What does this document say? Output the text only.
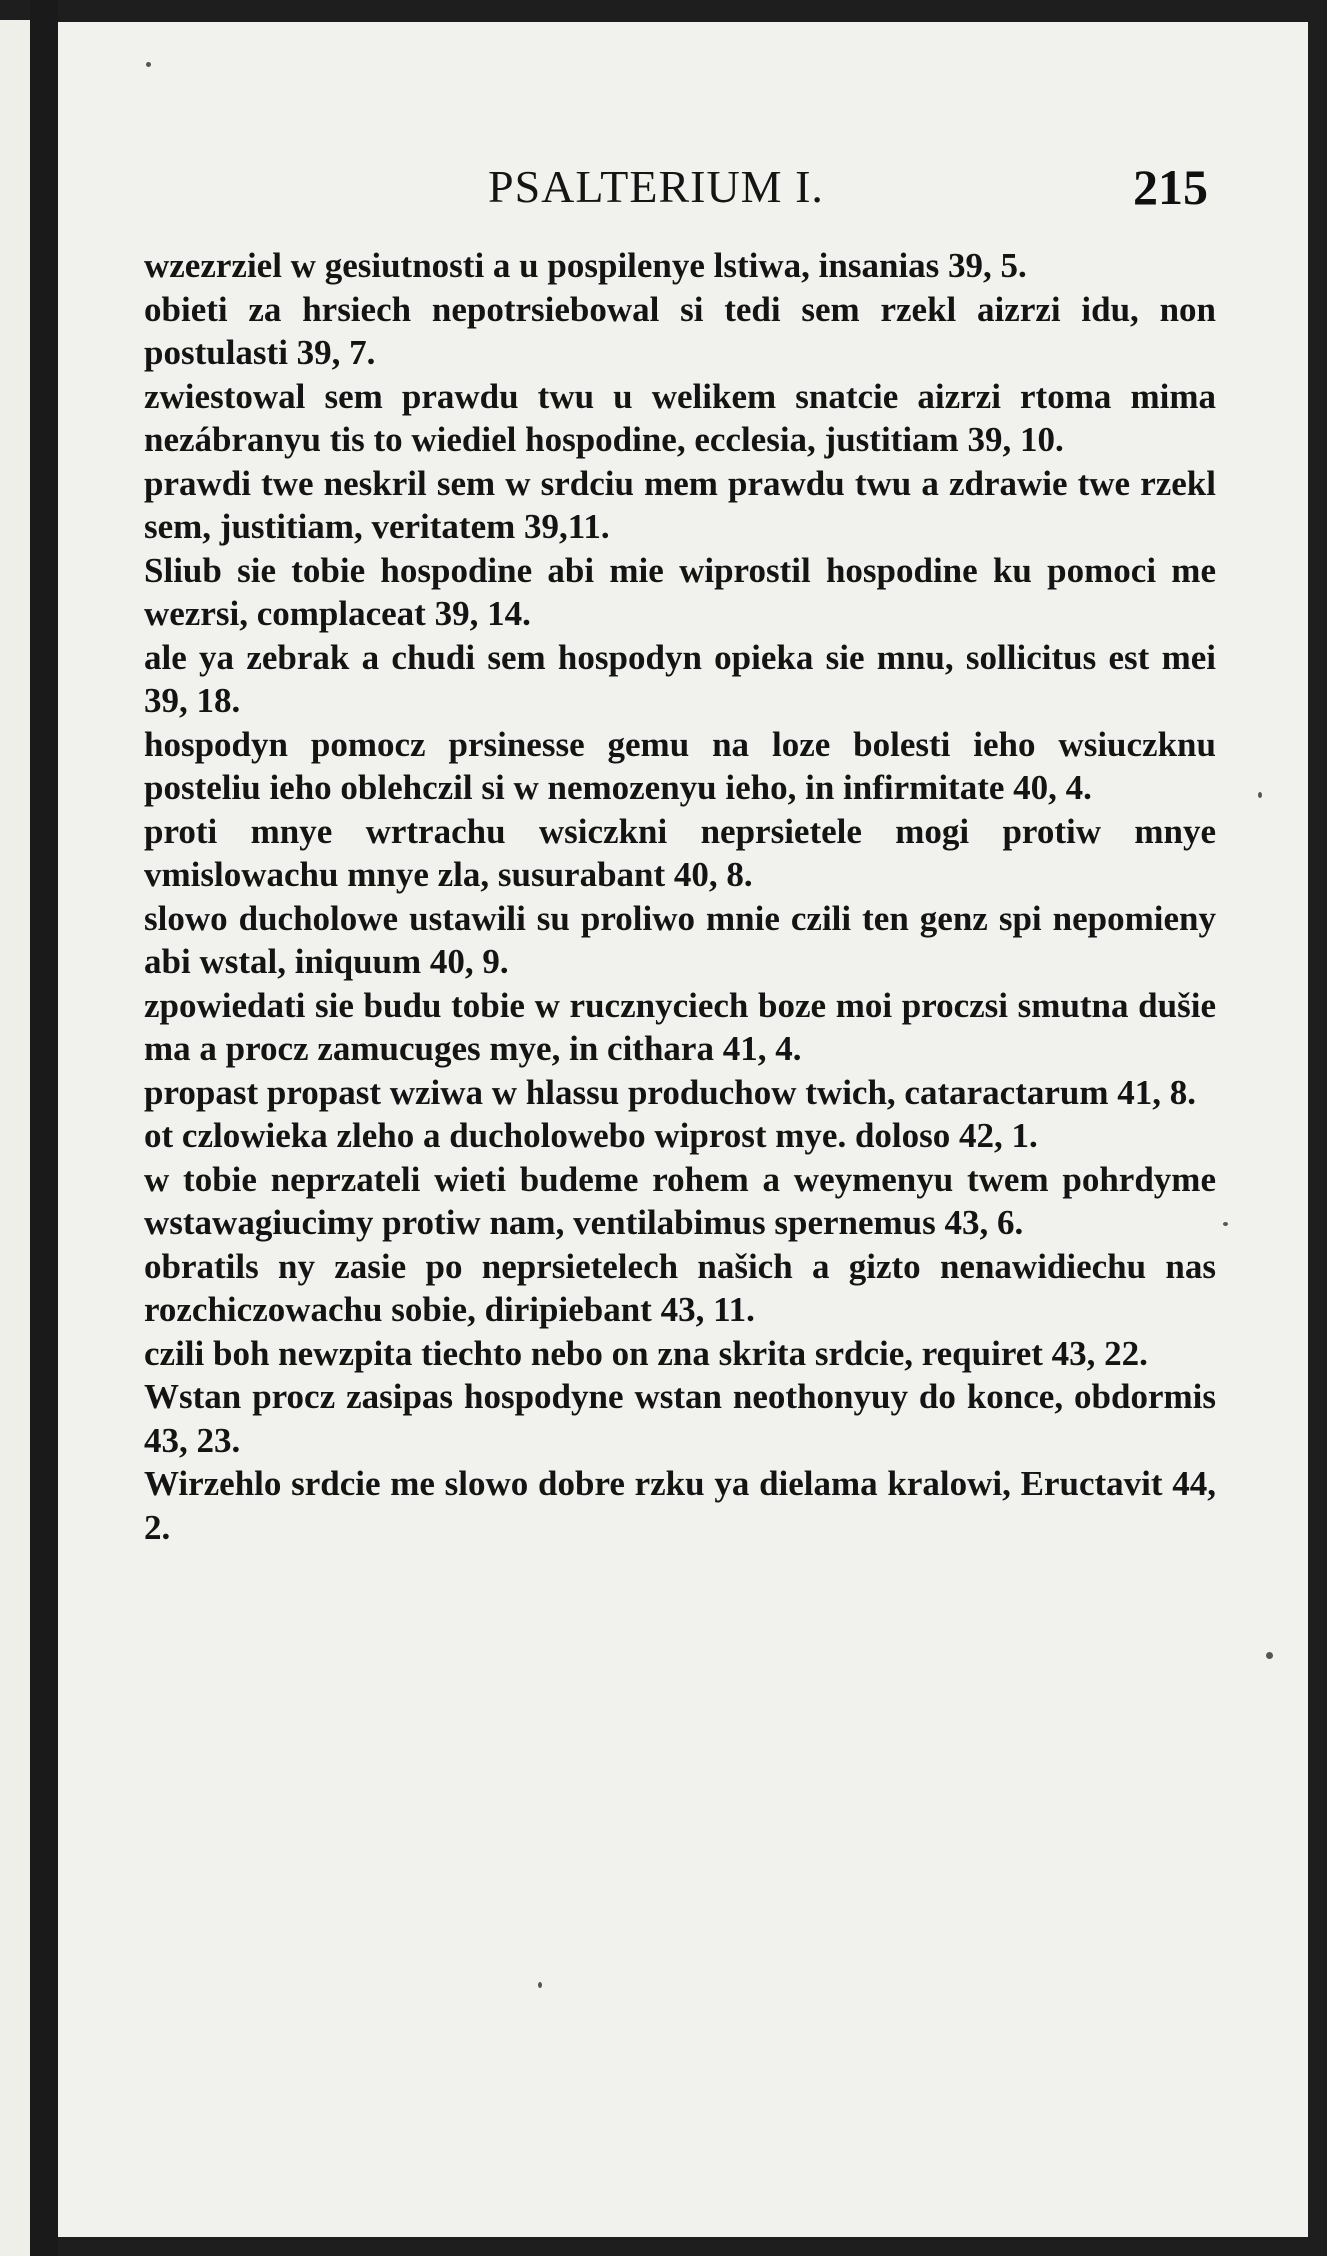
PSALTERIUM I.	215

wzezrziel w gesiutnosti a u pospilenye lstiwa, insanias 39, 5.

obieti za hrsiech nepotrsiebowal si tedi sem rzekl aizrzi idu, non postulasti 39, 7.

zwiestowal sem prawdu twu u welikem snatcie aizrzi rtoma mima nezábranyu tis to wiediel hospodine, ecclesia, justitiam 39, 10.

prawdi twe neskril sem w srdciu mem prawdu twu a zdrawie twe rzekl sem, justitiam, veritatem 39,11.

Sliub sie tobie hospodine abi mie wiprostil hospodine ku pomoci me wezrsi, complaceat 39, 14.

ale ya zebrak a chudi sem hospodyn opieka sie mnu, sollicitus est mei 39, 18.

hospodyn pomocz prsinesse gemu na loze bolesti ieho wsiuczknu posteliu ieho oblehczil si w nemozenyu ieho, in infirmitate 40, 4.

proti mnye wrtrachu wsiczkni neprsietele mogi protiw mnye vmislowachu mnye zla, susurabant 40, 8.

slowo ducholowe ustawili su proliwo mnie czili ten genz spi nepomieny abi wstal, iniquum 40, 9.

zpowiedati sie budu tobie w rucznyciech boze moi proczsi smutna dušie ma a procz zamucuges mye, in cithara 41, 4.

propast propast wziwa w hlassu produchow twich, cataractarum 41, 8.

ot czlowieka zleho a ducholowebo wiprost mye. doloso 42, 1.

w tobie neprzateli wieti budeme rohem a weymenyu twem pohrdyme wstawagiucimy protiw nam, ventilabimus spernemus 43, 6.

obratils ny zasie po neprsietelech našich a gizto nenawidiechu nas rozchiczowachu sobie, diripiebant 43, 11.

czili boh newzpita tiechto nebo on zna skrita srdcie, requiret 43, 22.

Wstan procz zasipas hospodyne wstan neothonyuy do konce, obdormis 43, 23.

Wirzehlo srdcie me slowo dobre rzku ya dielama kralowi, Eructavit 44, 2.
